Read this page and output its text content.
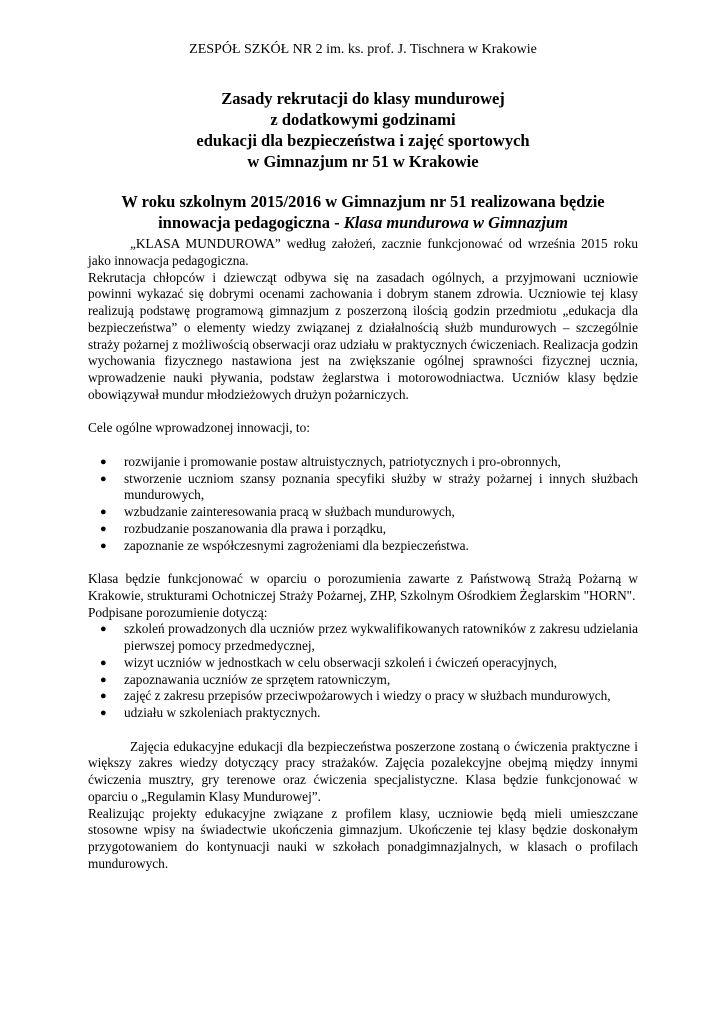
ZESPÓŁ SZKÓŁ NR 2 im. ks. prof. J. Tischnera w Krakowie
Zasady rekrutacji do klasy mundurowej
z dodatkowymi godzinami
edukacji dla bezpieczeństwa i zajęć sportowych
w Gimnazjum nr 51 w Krakowie
W roku szkolnym 2015/2016 w Gimnazjum nr 51 realizowana będzie
innowacja pedagogiczna - Klasa mundurowa w Gimnazjum

„KLASA MUNDUROWA” według założeń, zacznie funkcjonować od września 2015 roku jako innowacja pedagogiczna.

Rekrutacja chłopców i dziewcząt odbywa się na zasadach ogólnych, a przyjmowani uczniowie powinni wykazać się dobrymi ocenami zachowania i dobrym stanem zdrowia. Uczniowie tej klasy realizują podstawę programową gimnazjum z poszerzoną ilością godzin przedmiotu „edukacja dla bezpieczeństwa” o elementy wiedzy związanej z działalnością służb mundurowych – szczególnie straży pożarnej z możliwością obserwacji oraz udziału w praktycznych ćwiczeniach. Realizacja godzin wychowania fizycznego nastawiona jest na zwiększanie ogólnej sprawności fizycznej ucznia, wprowadzenie nauki pływania, podstaw żeglarstwa i motorowodniactwa. Uczniów klasy będzie obowiązywał mundur młodzieżowych drużyn pożarniczych.

Cele ogólne wprowadzonej innowacji, to:

● rozwijanie i promowanie postaw altruistycznych, patriotycznych i pro-obronnych,
● stworzenie uczniom szansy poznania specyfiki służby w straży pożarnej i innych służbach mundurowych,
● wzbudzanie zainteresowania pracą w służbach mundurowych,
● rozbudzanie poszanowania dla prawa i porządku,
● zapoznanie ze współczesnymi zagrożeniami dla bezpieczeństwa.

Klasa będzie funkcjonować w oparciu o porozumienia zawarte z Państwową Strażą Pożarną w Krakowie, strukturami Ochotniczej Straży Pożarnej, ZHP, Szkolnym Ośrodkiem Żeglarskim "HORN".

Podpisane porozumienie dotyczą:

● szkoleń prowadzonych dla uczniów przez wykwalifikowanych ratowników z zakresu udzielania pierwszej pomocy przedmedycznej,
● wizyt uczniów w jednostkach w celu obserwacji szkoleń i ćwiczeń operacyjnych,
● zapoznawania uczniów ze sprzętem ratowniczym,
● zajęć z zakresu przepisów przeciwpożarowych i wiedzy o pracy w służbach mundurowych,
● udziału w szkoleniach praktycznych.

Zajęcia edukacyjne edukacji dla bezpieczeństwa poszerzone zostaną o ćwiczenia praktyczne i większy zakres wiedzy dotyczący pracy strażaków. Zajęcia pozalekcyjne obejmą między innymi ćwiczenia musztry, gry terenowe oraz ćwiczenia specjalistyczne. Klasa będzie funkcjonować w oparciu o „Regulamin Klasy Mundurowej”.

Realizując projekty edukacyjne związane z profilem klasy, uczniowie będą mieli umieszczane stosowne wpisy na świadectwie ukończenia gimnazjum. Ukończenie tej klasy będzie doskonałym przygotowaniem do kontynuacji nauki w szkołach ponadgimnazjalnych, w klasach o profilach mundurowych.
